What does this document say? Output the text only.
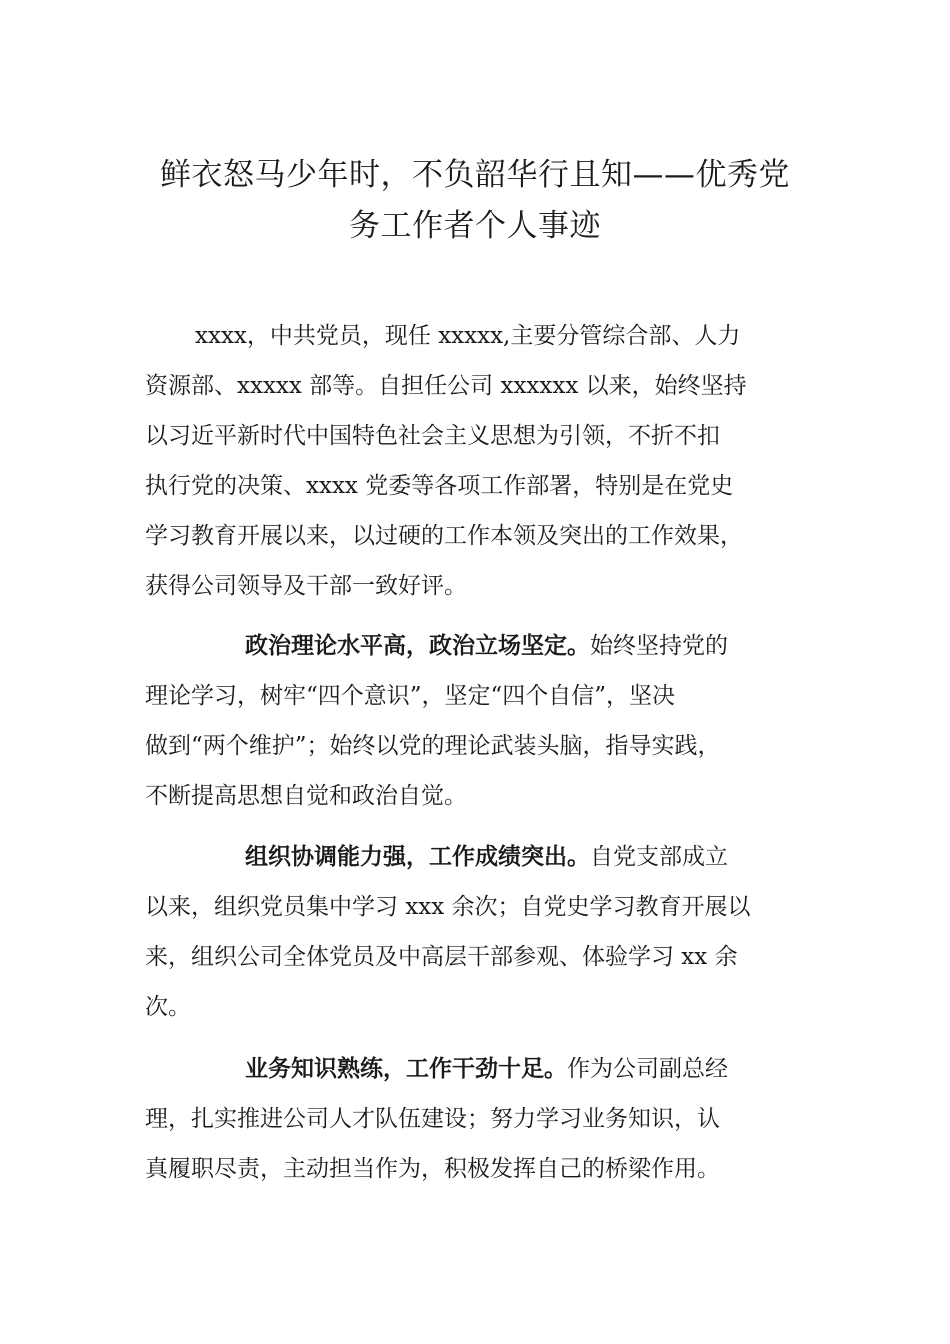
鲜衣怒马少年时，不负韶华行且知——优秀党
务工作者个人事迹
xxxx，中共党员，现任 xxxxx,主要分管综合部、人力
资源部、xxxxx 部等。自担任公司 xxxxxx 以来，始终坚持
以习近平新时代中国特色社会主义思想为引领，不折不扣
执行党的决策、xxxx 党委等各项工作部署，特别是在党史
学习教育开展以来，以过硬的工作本领及突出的工作效果，
获得公司领导及干部一致好评。
政治理论水平高，政治立场坚定。始终坚持党的
理论学习，树牢“四个意识”，坚定“四个自信”，坚决
做到“两个维护”；始终以党的理论武装头脑，指导实践，
不断提高思想自觉和政治自觉。
组织协调能力强，工作成绩突出。自党支部成立
以来，组织党员集中学习 xxx 余次；自党史学习教育开展以
来，组织公司全体党员及中高层干部参观、体验学习 xx 余
次。
业务知识熟练，工作干劲十足。作为公司副总经
理，扎实推进公司人才队伍建设；努力学习业务知识，认
真履职尽责，主动担当作为，积极发挥自己的桥梁作用。
